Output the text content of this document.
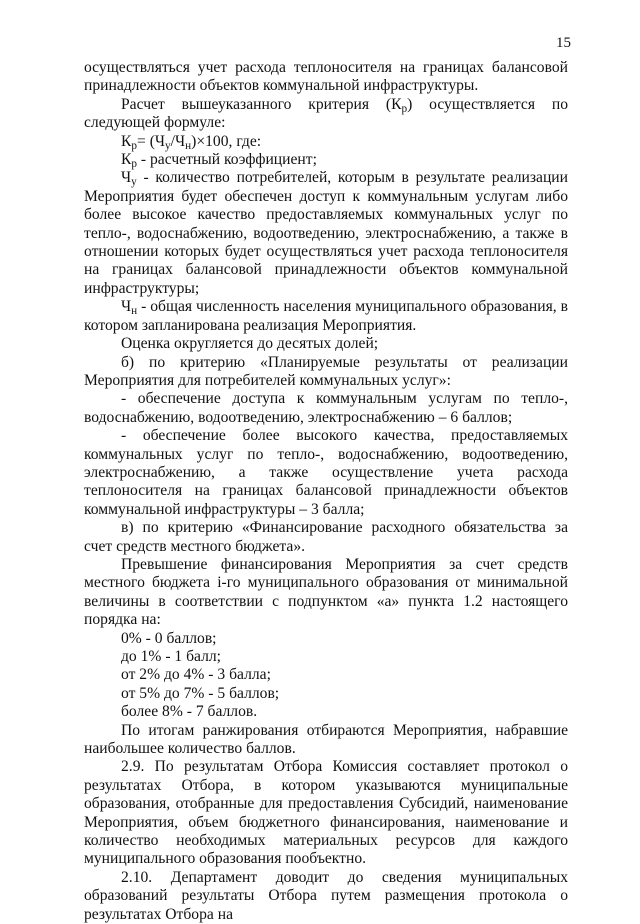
15

осуществляться учет расхода теплоносителя на границах балансовой принадлежности объектов коммунальной инфраструктуры.

Расчет вышеуказанного критерия $(К_р)$ осуществляется по следующей формуле:

$К_р= (Ч_у/Ч_н)\times 100$, где:

$К_р$ - расчетный коэффициент;

$Ч_у$ - количество потребителей, которым в результате реализации Мероприятия будет обеспечен доступ к коммунальным услугам либо более высокое качество предоставляемых коммунальных услуг по тепло-, водоснабжению, водоотведению, электроснабжению, а также в отношении которых будет осуществляться учет расхода теплоносителя на границах балансовой принадлежности объектов коммунальной инфраструктуры;

$Ч_н$ - общая численность населения муниципального образования, в котором запланирована реализация Мероприятия.

Оценка округляется до десятых долей;

б) по критерию «Планируемые результаты от реализации Мероприятия для потребителей коммунальных услуг»:

- обеспечение доступа к коммунальным услугам по тепло-, водоснабжению, водоотведению, электроснабжению – 6 баллов;

- обеспечение более высокого качества, предоставляемых коммунальных услуг по тепло-, водоснабжению, водоотведению, электроснабжению, а также осуществление учета расхода теплоносителя на границах балансовой принадлежности объектов коммунальной инфраструктуры – 3 балла;

в) по критерию «Финансирование расходного обязательства за счет средств местного бюджета».

Превышение финансирования Мероприятия за счет средств местного бюджета i-го муниципального образования от минимальной величины в соответствии с подпунктом «а» пункта 1.2 настоящего порядка на:

0% - 0 баллов;

до 1% - 1 балл;

от 2% до 4% - 3 балла;

от 5% до 7% - 5 баллов;

более 8% - 7 баллов.

По итогам ранжирования отбираются Мероприятия, набравшие наибольшее количество баллов.

2.9. По результатам Отбора Комиссия составляет протокол о результатах Отбора, в котором указываются муниципальные образования, отобранные для предоставления Субсидий, наименование Мероприятия, объем бюджетного финансирования, наименование и количество необходимых материальных ресурсов для каждого муниципального образования пообъектно.

2.10. Департамент доводит до сведения муниципальных образований результаты Отбора путем размещения протокола о результатах Отбора на
